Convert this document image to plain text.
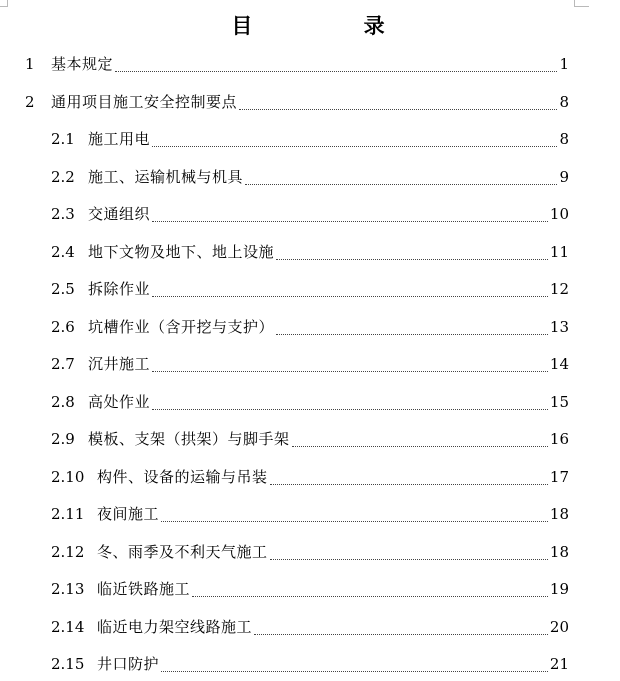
目 录
1 基本规定	1
2 通用项目施工安全控制要点	8
2.1 施工用电	8
2.2 施工、运输机械与机具	9
2.3 交通组织	10
2.4 地下文物及地下、地上设施	11
2.5 拆除作业	12
2.6 坑槽作业（含开挖与支护）	13
2.7 沉井施工	14
2.8 高处作业	15
2.9 模板、支架（拱架）与脚手架	16
2.10 构件、设备的运输与吊装	17
2.11 夜间施工	18
2.12 冬、雨季及不利天气施工	18
2.13 临近铁路施工	19
2.14 临近电力架空线路施工	20
2.15 井口防护	21
